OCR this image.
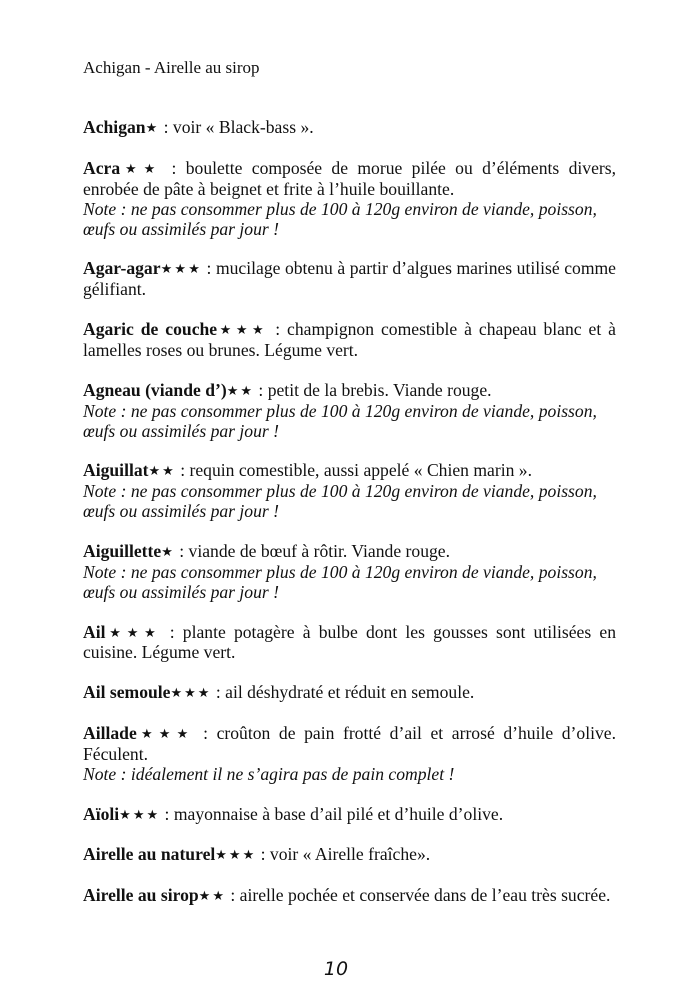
Achigan - Airelle au sirop

Achigan★ : voir « Black-bass ».

Acra★★ : boulette composée de morue pilée ou d’éléments divers, enrobée de pâte à beignet et frite à l’huile bouillante.
Note : ne pas consommer plus de 100 à 120g environ de viande, poisson, œufs ou assimilés par jour !

Agar-agar★★★ : mucilage obtenu à partir d’algues marines utilisé comme gélifiant.

Agaric de couche★★★ : champignon comestible à chapeau blanc et à lamelles roses ou brunes. Légume vert.

Agneau (viande d’)★★ : petit de la brebis. Viande rouge.
Note : ne pas consommer plus de 100 à 120g environ de viande, poisson, œufs ou assimilés par jour !

Aiguillat★★ : requin comestible, aussi appelé « Chien marin ».
Note : ne pas consommer plus de 100 à 120g environ de viande, poisson, œufs ou assimilés par jour !

Aiguillette★ : viande de bœuf à rôtir. Viande rouge.
Note : ne pas consommer plus de 100 à 120g environ de viande, poisson, œufs ou assimilés par jour !

Ail★★★ : plante potagère à bulbe dont les gousses sont utilisées en cuisine. Légume vert.

Ail semoule★★★ : ail déshydraté et réduit en semoule.

Aillade★★★ : croûton de pain frotté d’ail et arrosé d’huile d’olive. Féculent.
Note : idéalement il ne s’agira pas de pain complet !

Aïoli★★★ : mayonnaise à base d’ail pilé et d’huile d’olive.

Airelle au naturel★★★ : voir « Airelle fraîche».

Airelle au sirop★★ : airelle pochée et conservée dans de l’eau très sucrée.

10
